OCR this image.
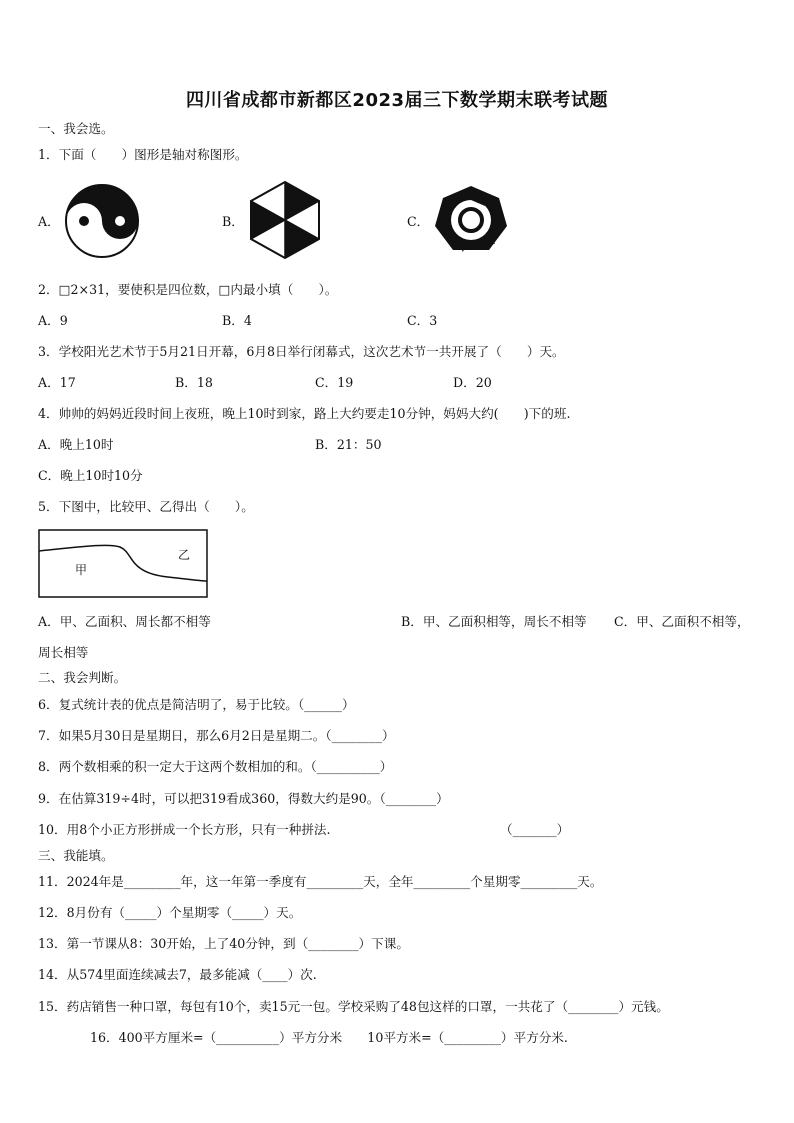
四川省成都市新都区2023届三下数学期末联考试题
一、我会选。
1．下面（　　）图形是轴对称图形。
A．	B．	C．
2．□2×31，要使积是四位数，□内最小填（　　）。
A．9	B．4	C．3
3．学校阳光艺术节于5月21日开幕，6月8日举行闭幕式，这次艺术节一共开展了（　　）天。
A．17	B．18	C．19	D．20
4．帅帅的妈妈近段时间上夜班，晚上10时到家，路上大约要走10分钟，妈妈大约(　　)下的班.
A．晚上10时	B．21：50
C．晚上10时10分
5．下图中，比较甲、乙得出（　　）。
甲
乙
A．甲、乙面积、周长都不相等	B．甲、乙面积相等，周长不相等 C．甲、乙面积不相等，
周长相等
二、我会判断。
6．复式统计表的优点是简洁明了，易于比较。（______）
7．如果5月30日是星期日，那么6月2日是星期二。（________）
8．两个数相乘的积一定大于这两个数相加的和。（__________）
9．在估算319÷4时，可以把319看成360，得数大约是90。（________）
10．用8个小正方形拼成一个长方形，只有一种拼法.	（_______）
三、我能填。
11．2024年是_________年，这一年第一季度有_________天，全年_________个星期零_________天。
12．8月份有（_____）个星期零（_____）天。
13．第一节课从8：30开始，上了40分钟，到（________）下课。
14．从574里面连续减去7，最多能减（____）次.
15．药店销售一种口罩，每包有10个，卖15元一包。学校采购了48包这样的口罩，一共花了（________）元钱。
16．400平方厘米=（__________）平方分米　　10平方米=（_________）平方分米.
